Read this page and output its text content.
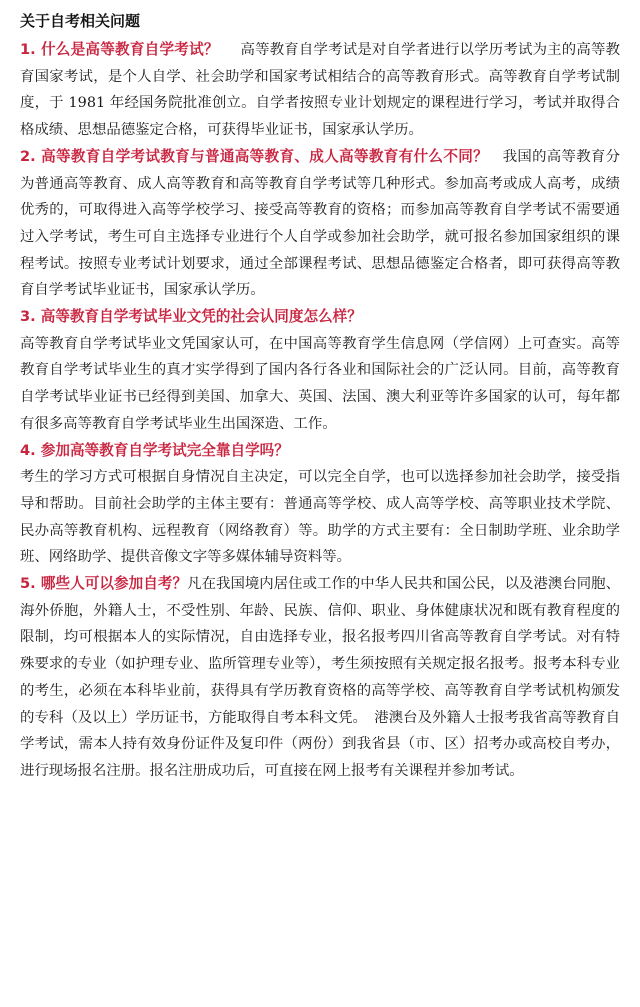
关于自考相关问题

1. 什么是高等教育自学考试？   高等教育自学考试是对自学者进行以学历考试为主的高等教育国家考试，是个人自学、社会助学和国家考试相结合的高等教育形式。高等教育自学考试制度，于 1981 年经国务院批准创立。自学者按照专业计划规定的课程进行学习，考试并取得合格成绩、思想品德鉴定合格，可获得毕业证书，国家承认学历。

2. 高等教育自学考试教育与普通高等教育、成人高等教育有什么不同？   我国的高等教育分为普通高等教育、成人高等教育和高等教育自学考试等几种形式。参加高考或成人高考，成绩优秀的，可取得进入高等学校学习、接受高等教育的资格；而参加高等教育自学考试不需要通过入学考试，考生可自主选择专业进行个人自学或参加社会助学，就可报名参加国家组织的课程考试。按照专业考试计划要求，通过全部课程考试、思想品德鉴定合格者，即可获得高等教育自学考试毕业证书，国家承认学历。

3. 高等教育自学考试毕业文凭的社会认同度怎么样？

高等教育自学考试毕业文凭国家认可，在中国高等教育学生信息网（学信网）上可查实。高等教育自学考试毕业生的真才实学得到了国内各行各业和国际社会的广泛认同。目前，高等教育自学考试毕业证书已经得到美国、加拿大、英国、法国、澳大利亚等许多国家的认可，每年都有很多高等教育自学考试毕业生出国深造、工作。

4. 参加高等教育自学考试完全靠自学吗？

考生的学习方式可根据自身情况自主决定，可以完全自学，也可以选择参加社会助学，接受指导和帮助。目前社会助学的主体主要有：普通高等学校、成人高等学校、高等职业技术学院、民办高等教育机构、远程教育（网络教育）等。助学的方式主要有：全日制助学班、业余助学班、网络助学、提供音像文字等多媒体辅导资料等。

5. 哪些人可以参加自考？凡在我国境内居住或工作的中华人民共和国公民，以及港澳台同胞、海外侨胞，外籍人士，不受性别、年龄、民族、信仰、职业、身体健康状况和既有教育程度的限制，均可根据本人的实际情况，自由选择专业，报名报考四川省高等教育自学考试。对有特殊要求的专业（如护理专业、监所管理专业等），考生须按照有关规定报名报考。报考本科专业的考生，必须在本科毕业前，获得具有学历教育资格的高等学校、高等教育自学考试机构颁发的专科（及以上）学历证书，方能取得自考本科文凭。　港澳台及外籍人士报考我省高等教育自学考试，需本人持有效身份证件及复印件（两份）到我省县（市、区）招考办或高校自考办，进行现场报名注册。报名注册成功后，可直接在网上报考有关课程并参加考试。
